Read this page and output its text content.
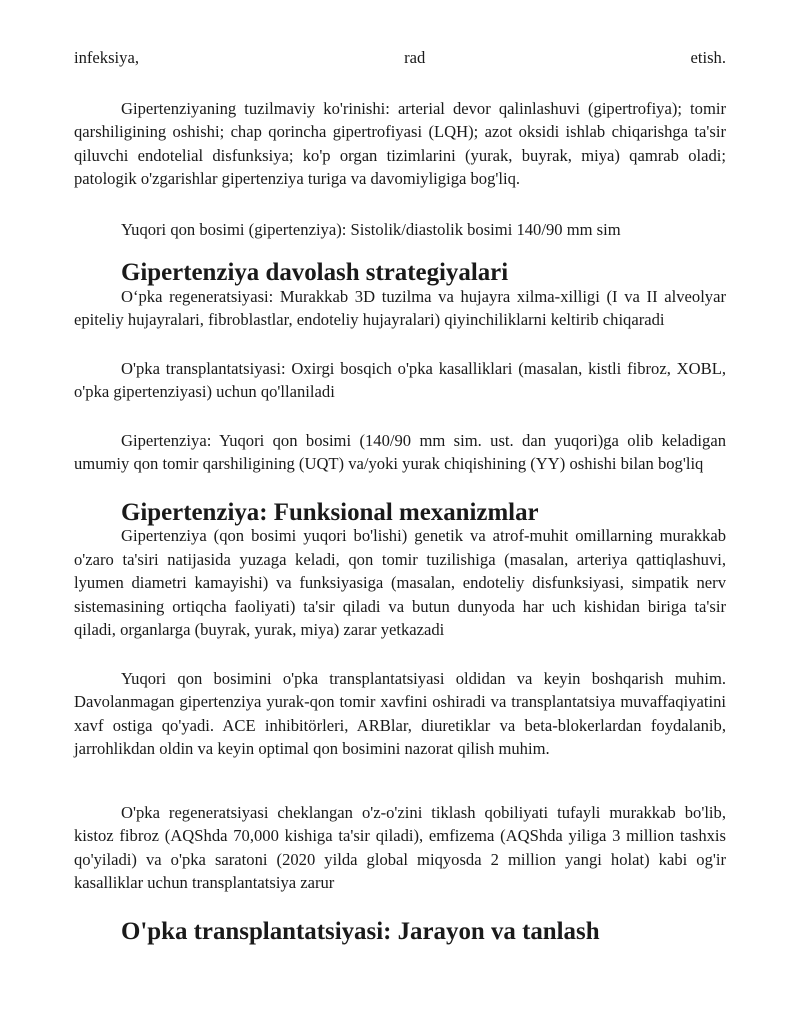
infeksiya,	rad	etish.

Gipertenziyaning tuzilmaviy ko'rinishi: arterial devor qalinlashuvi (gipertrofiya); tomir qarshiligining oshishi; chap qorincha gipertrofiyasi (LQH); azot oksidi ishlab chiqarishga ta'sir qiluvchi endotelial disfunksiya; ko'p organ tizimlarini (yurak, buyrak, miya) qamrab oladi; patologik o'zgarishlar gipertenziya turiga va davomiyligiga bog'liq.

Yuqori qon bosimi (gipertenziya): Sistolik/diastolik bosimi 140/90 mm sim

Gipertenziya davolash strategiyalari

O‘pka regeneratsiyasi: Murakkab 3D tuzilma va hujayra xilma-xilligi (I va II alveolyar epiteliy hujayralari, fibroblastlar, endoteliy hujayralari) qiyinchiliklarni keltirib chiqaradi

O'pka transplantatsiyasi: Oxirgi bosqich o'pka kasalliklari (masalan, kistli fibroz, XOBL, o'pka gipertenziyasi) uchun qo'llaniladi

Gipertenziya: Yuqori qon bosimi (140/90 mm sim. ust. dan yuqori)ga olib keladigan umumiy qon tomir qarshiligining (UQT) va/yoki yurak chiqishining (YY) oshishi bilan bog'liq

Gipertenziya: Funksional mexanizmlar

Gipertenziya (qon bosimi yuqori bo'lishi) genetik va atrof-muhit omillarning murakkab o'zaro ta'siri natijasida yuzaga keladi, qon tomir tuzilishiga (masalan, arteriya qattiqlashuvi, lyumen diametri kamayishi) va funksiyasiga (masalan, endoteliy disfunksiyasi, simpatik nerv sistemasining ortiqcha faoliyati) ta'sir qiladi va butun dunyoda har uch kishidan biriga ta'sir qiladi, organlarga (buyrak, yurak, miya) zarar yetkazadi

Yuqori qon bosimini o'pka transplantatsiyasi oldidan va keyin boshqarish muhim. Davolanmagan gipertenziya yurak-qon tomir xavfini oshiradi va transplantatsiya muvaffaqiyatini xavf ostiga qo'yadi. ACE inhibitörleri, ARBlar, diuretiklar va beta-blokerlardan foydalanib, jarrohlikdan oldin va keyin optimal qon bosimini nazorat qilish muhim.

O'pka regeneratsiyasi cheklangan o'z-o'zini tiklash qobiliyati tufayli murakkab bo'lib, kistoz fibroz (AQShda 70,000 kishiga ta'sir qiladi), emfizema (AQShda yiliga 3 million tashxis qo'yiladi) va o'pka saratoni (2020 yilda global miqyosda 2 million yangi holat) kabi og'ir kasalliklar uchun transplantatsiya zarur

O'pka transplantatsiyasi: Jarayon va tanlash
